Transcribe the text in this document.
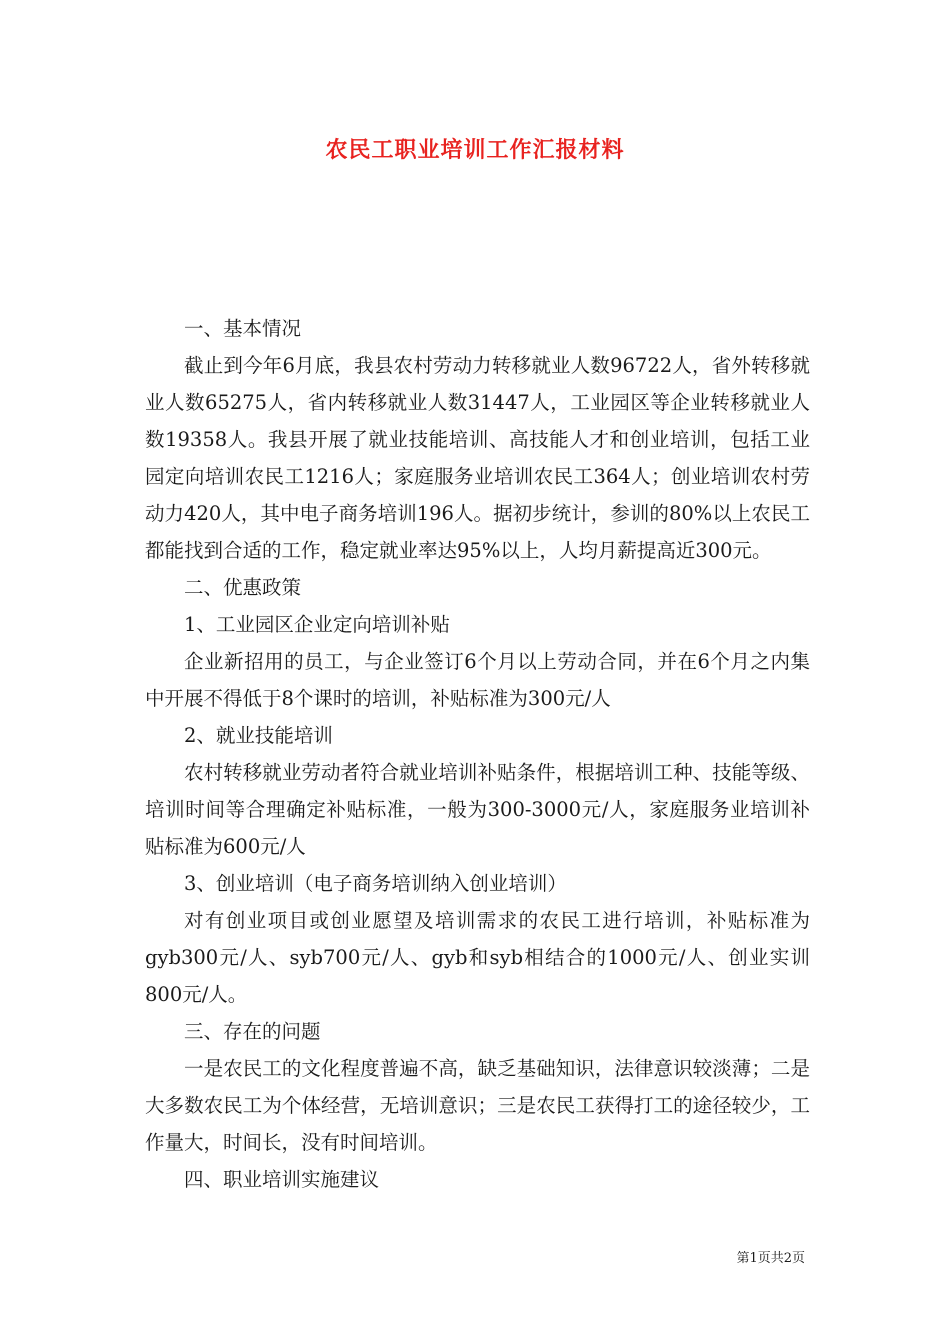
农民工职业培训工作汇报材料

一、基本情况

截止到今年6月底，我县农村劳动力转移就业人数96722人，省外转移就业人数65275人，省内转移就业人数31447人，工业园区等企业转移就业人数19358人。我县开展了就业技能培训、高技能人才和创业培训，包括工业园定向培训农民工1216人；家庭服务业培训农民工364人；创业培训农村劳动力420人，其中电子商务培训196人。据初步统计，参训的80%以上农民工都能找到合适的工作，稳定就业率达95%以上，人均月薪提高近300元。

二、优惠政策

1、工业园区企业定向培训补贴

企业新招用的员工，与企业签订6个月以上劳动合同，并在6个月之内集中开展不得低于8个课时的培训，补贴标准为300元/人

2、就业技能培训

农村转移就业劳动者符合就业培训补贴条件，根据培训工种、技能等级、培训时间等合理确定补贴标准，一般为300-3000元/人，家庭服务业培训补贴标准为600元/人

3、创业培训（电子商务培训纳入创业培训）

对有创业项目或创业愿望及培训需求的农民工进行培训，补贴标准为gyb300元/人、syb700元/人、gyb和syb相结合的1000元/人、创业实训800元/人。

三、存在的问题

一是农民工的文化程度普遍不高，缺乏基础知识，法律意识较淡薄；二是大多数农民工为个体经营，无培训意识；三是农民工获得打工的途径较少，工作量大，时间长，没有时间培训。

四、职业培训实施建议

第1页共2页
